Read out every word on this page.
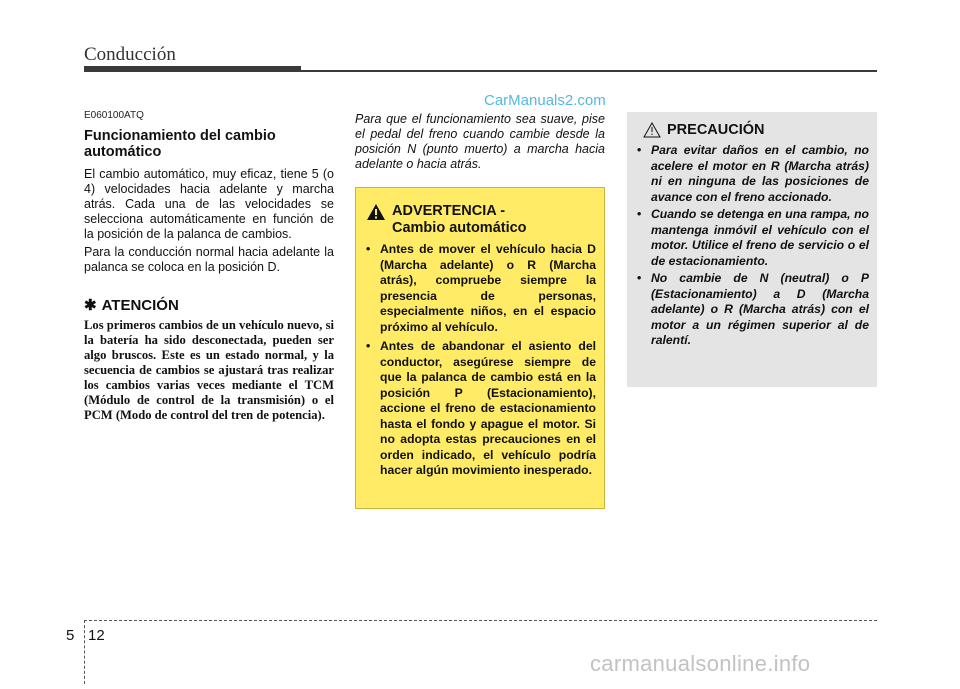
Conducción
CarManuals2.com
E060100ATQ
Funcionamiento del cambio automático

El cambio automático, muy eficaz, tiene 5 (o 4) velocidades hacia adelante y marcha atrás. Cada una de las velocidades se selecciona automáticamente en función de la posición de la palanca de cambios.

Para la conducción normal hacia adelante la palanca se coloca en la posición D.

✱ ATENCIÓN

Los primeros cambios de un vehículo nuevo, si la batería ha sido desconectada, pueden ser algo bruscos. Este es un estado normal, y la secuencia de cambios se ajustará tras realizar los cambios varias veces mediante el TCM (Módulo de control de la transmisión) o el PCM (Modo de control del tren de potencia).

Para que el funcionamiento sea suave, pise el pedal del freno cuando cambie desde la posición N (punto muerto) a marcha hacia adelante o hacia atrás.

ADVERTENCIA -
Cambio automático
• Antes de mover el vehículo hacia D (Marcha adelante) o R (Marcha atrás), compruebe siempre la presencia de personas, especialmente niños, en el espacio próximo al vehículo.
• Antes de abandonar el asiento del conductor, asegúrese siempre de que la palanca de cambio está en la posición P (Estacionamiento), accione el freno de estacionamiento hasta el fondo y apague el motor. Si no adopta estas precauciones en el orden indicado, el vehículo podría hacer algún movimiento inesperado.
PRECAUCIÓN
• Para evitar daños en el cambio, no acelere el motor en R (Marcha atrás) ni en ninguna de las posiciones de avance con el freno accionado.
• Cuando se detenga en una rampa, no mantenga inmóvil el vehículo con el motor. Utilice el freno de servicio o el de estacionamiento.
• No cambie de N (neutral) o P (Estacionamiento) a D (Marcha adelante) o R (Marcha atrás) con el motor a un régimen superior al de ralentí.
5 12
carmanualsonline.info
